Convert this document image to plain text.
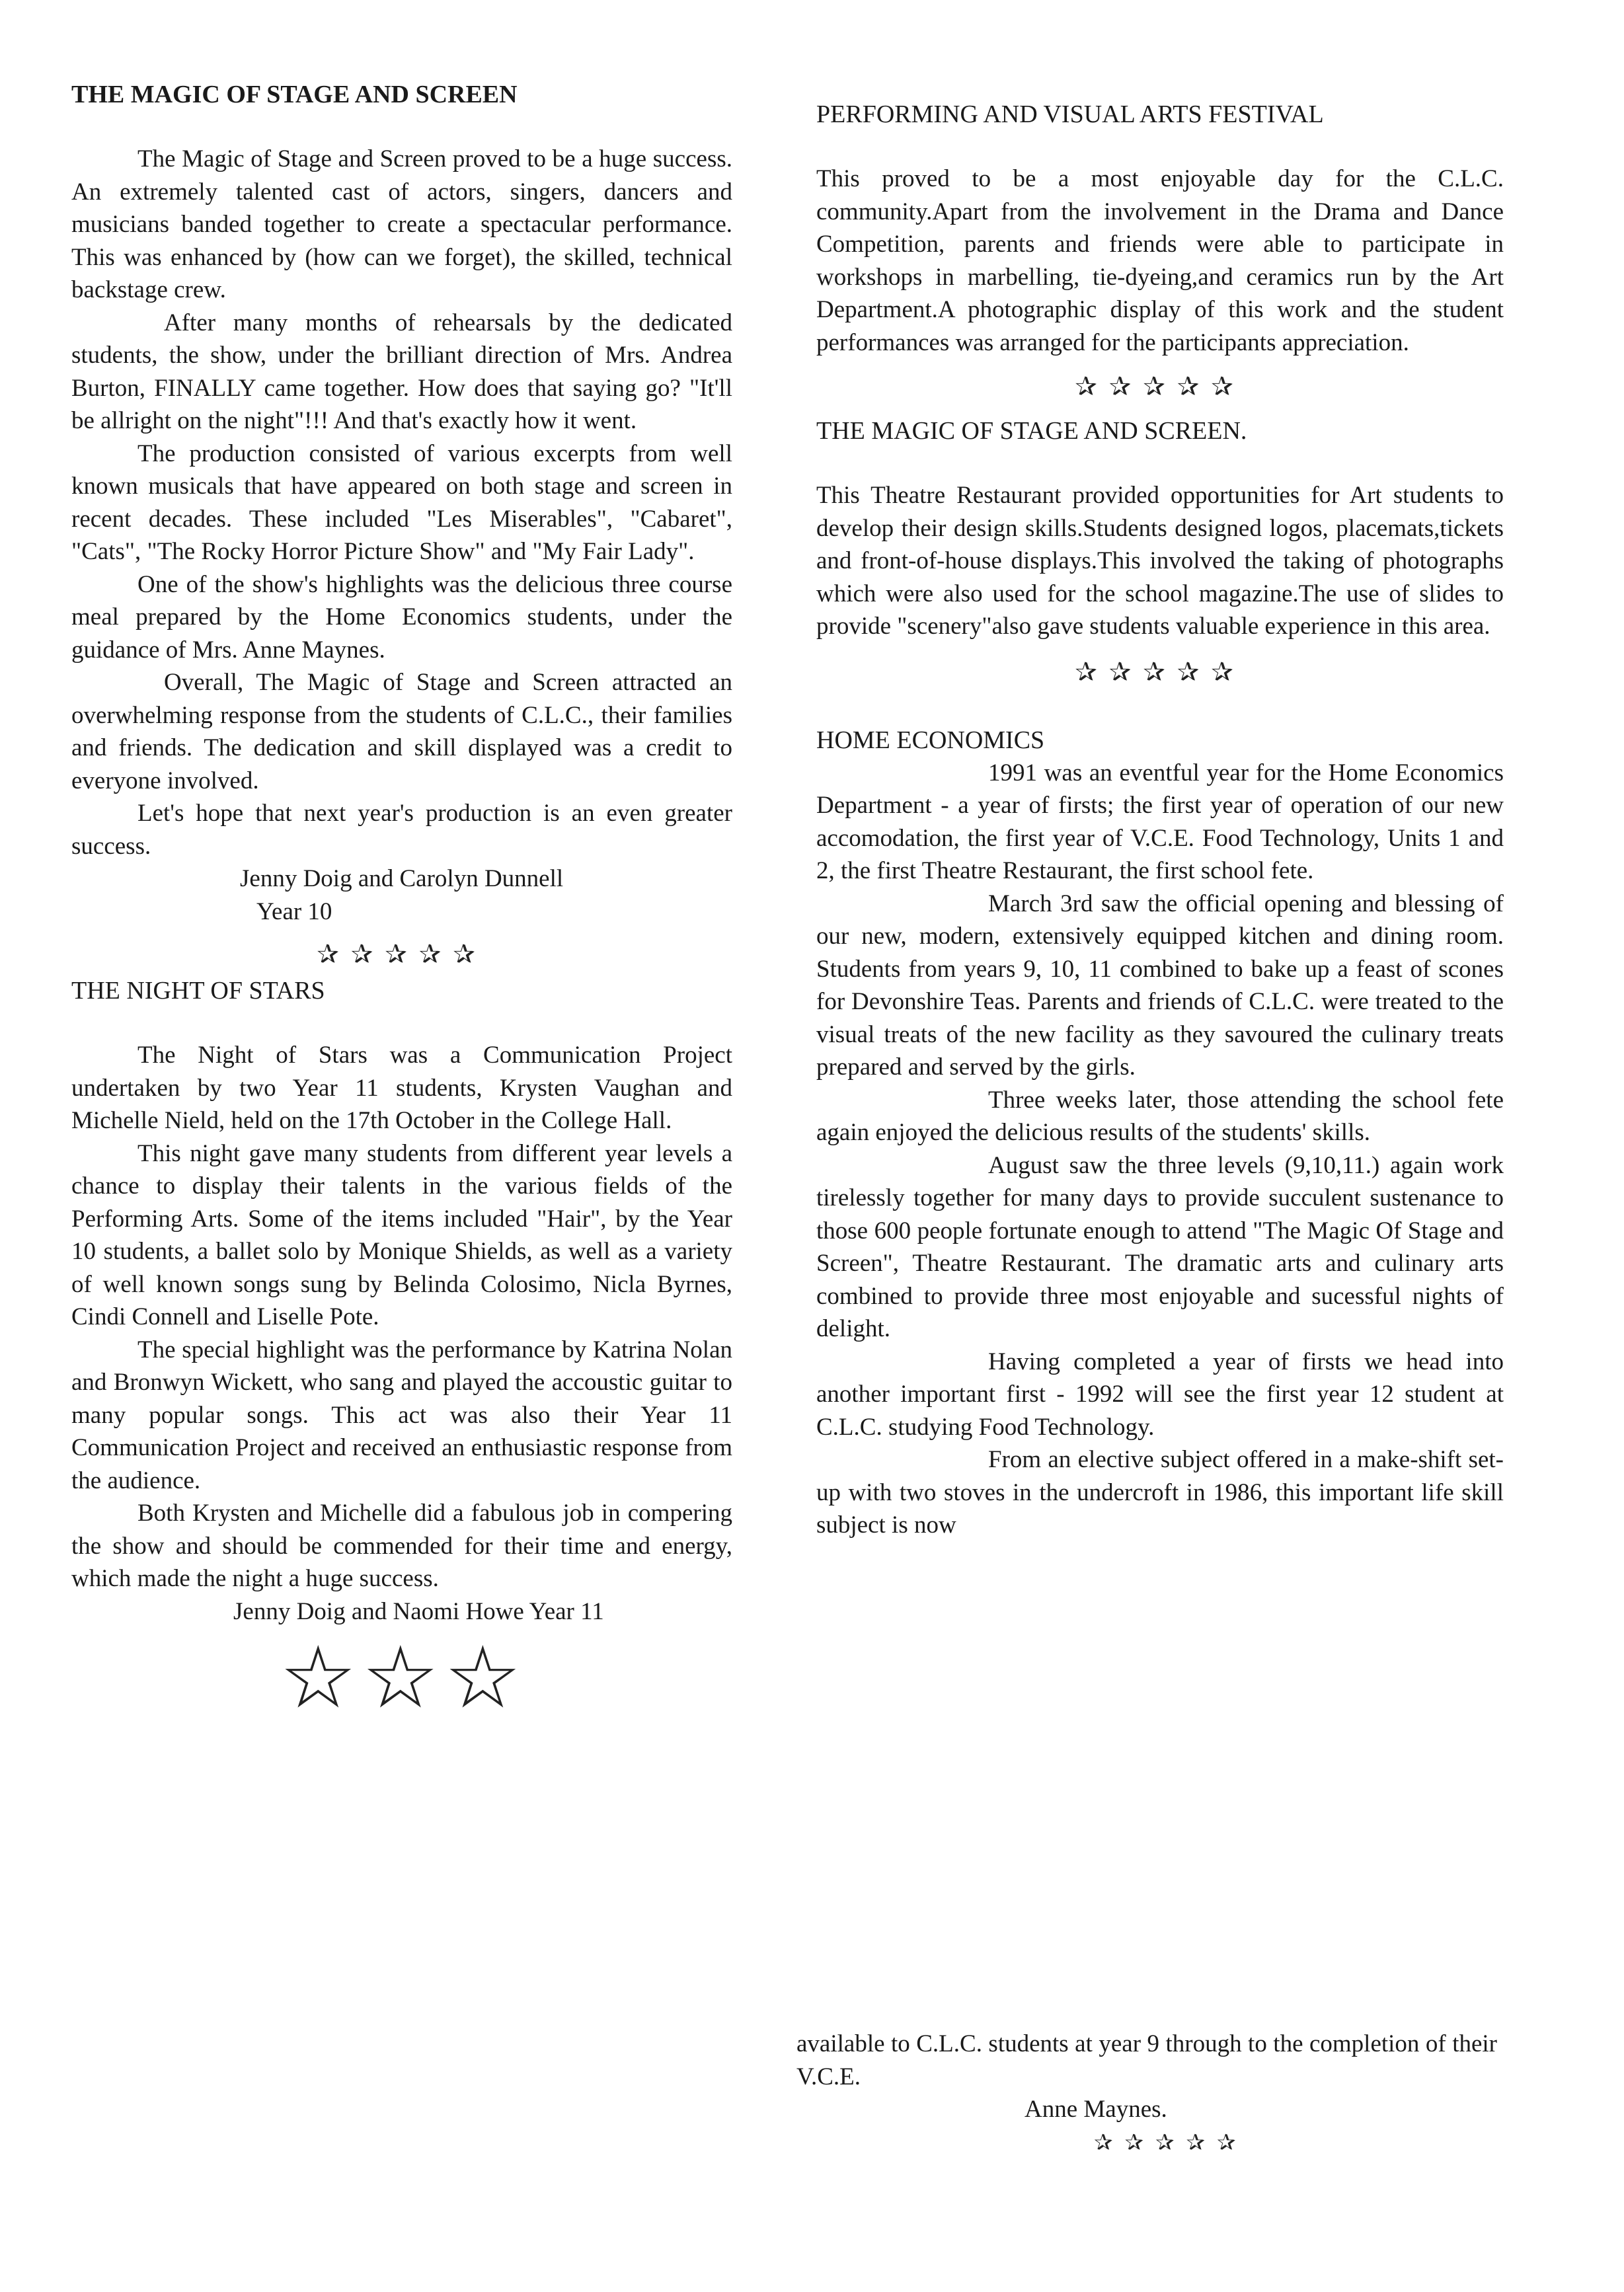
THE MAGIC OF STAGE AND SCREEN

The Magic of Stage and Screen proved to be a huge success. An extremely talented cast of actors, singers, dancers and musicians banded together to create a spectacular performance. This was enhanced by (how can we forget), the skilled, technical backstage crew.

After many months of rehearsals by the dedicated students, the show, under the brilliant direction of Mrs. Andrea Burton, FINALLY came together. How does that saying go? "It'll be allright on the night"!!! And that's exactly how it went.

The production consisted of various excerpts from well known musicals that have appeared on both stage and screen in recent decades. These included "Les Miserables", "Cabaret", "Cats", "The Rocky Horror Picture Show" and "My Fair Lady".

One of the show's highlights was the delicious three course meal prepared by the Home Economics students, under the guidance of Mrs. Anne Maynes.

Overall, The Magic of Stage and Screen attracted an overwhelming response from the students of C.L.C., their families and friends. The dedication and skill displayed was a credit to everyone involved.

Let's hope that next year's production is an even greater success.

Jenny Doig and Carolyn Dunnell

Year 10

✰✰✰✰✰
THE NIGHT OF STARS

The Night of Stars was a Communication Project undertaken by two Year 11 students, Krysten Vaughan and Michelle Nield, held on the 17th October in the College Hall.

This night gave many students from different year levels a chance to display their talents in the various fields of the Performing Arts. Some of the items included "Hair", by the Year 10 students, a ballet solo by Monique Shields, as well as a variety of well known songs sung by Belinda Colosimo, Nicla Byrnes, Cindi Connell and Liselle Pote.

The special highlight was the performance by Katrina Nolan and Bronwyn Wickett, who sang and played the accoustic guitar to many popular songs. This act was also their Year 11 Communication Project and received an enthusiastic response from the audience.

Both Krysten and Michelle did a fabulous job in compering the show and should be commended for their time and energy, which made the night a huge success.

Jenny Doig and Naomi Howe Year 11

☆☆☆
PERFORMING AND VISUAL ARTS FESTIVAL

This proved to be a most enjoyable day for the C.L.C. community.Apart from the involvement in the Drama and Dance Competition, parents and friends were able to participate in workshops in marbelling, tie-dyeing,and ceramics run by the Art Department.A photographic display of this work and the student performances was arranged for the participants appreciation.

✰✰✰✰✰
THE MAGIC OF STAGE AND SCREEN.

This Theatre Restaurant provided opportunities for Art students to develop their design skills.Students designed logos, placemats,tickets and front-of-house displays.This involved the taking of photographs which were also used for the school magazine.The use of slides to provide "scenery"also gave students valuable experience in this area.

✰✰✰✰✰
HOME ECONOMICS

1991 was an eventful year for the Home Economics Department - a year of firsts; the first year of operation of our new accomodation, the first year of V.C.E. Food Technology, Units 1 and 2, the first Theatre Restaurant, the first school fete.

March 3rd saw the official opening and blessing of our new, modern, extensively equipped kitchen and dining room. Students from years 9, 10, 11 combined to bake up a feast of scones for Devonshire Teas. Parents and friends of C.L.C. were treated to the visual treats of the new facility as they savoured the culinary treats prepared and served by the girls.

Three weeks later, those attending the school fete again enjoyed the delicious results of the students' skills.

August saw the three levels (9,10,11.) again work tirelessly together for many days to provide succulent sustenance to those 600 people fortunate enough to attend "The Magic Of Stage and Screen", Theatre Restaurant. The dramatic arts and culinary arts combined to provide three most enjoyable and sucessful nights of delight.

Having completed a year of firsts we head into another important first - 1992 will see the first year 12 student at C.L.C. studying Food Technology.

From an elective subject offered in a make-shift set-up with two stoves in the undercroft in 1986, this important life skill subject is now

available to C.L.C. students at year 9 through to the completion of their V.C.E.

Anne Maynes.

✰✰✰✰✰
